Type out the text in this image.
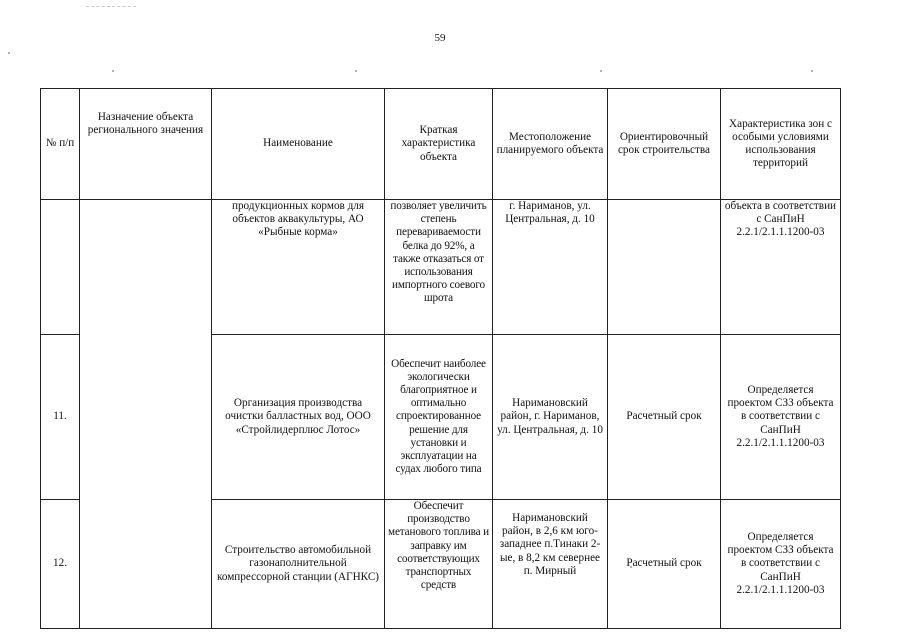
59
№ п/п	Назначение объекта регионального значения	Наименование	Краткая характеристика объекта	Местоположение планируемого объекта	Ориентировочный срок строительства	Характеристика зон с особыми условиями использования территорий
		продукционных кормов для объектов аквакультуры, АО «Рыбные корма»	позволяет увеличить степень перевариваемости белка до 92%, а также отказаться от использования импортного соевого шрота	г. Нариманов, ул. Центральная, д. 10		объекта в соответствии с СанПиН 2.2.1/2.1.1.1200-03
11.		Организация производства очистки балластных вод, ООО «Стройлидерплюс Лотос»	Обеспечит наиболее экологически благоприятное и оптимально спроектированное решение для установки и эксплуатации на судах любого типа	Наримановский район, г. Нариманов, ул. Центральная, д. 10	Расчетный срок	Определяется проектом СЗЗ объекта в соответствии с СанПиН 2.2.1/2.1.1.1200-03
12.		Строительство автомобильной газонаполнительной компрессорной станции (АГНКС)	Обеспечит производство метанового топлива и заправку им соответствующих транспортных средств	Наримановский район, в 2,6 км юго-западнее п.Тинаки 2-ые, в 8,2 км севернее п. Мирный	Расчетный срок	Определяется проектом СЗЗ объекта в соответствии с СанПиН 2.2.1/2.1.1.1200-03
